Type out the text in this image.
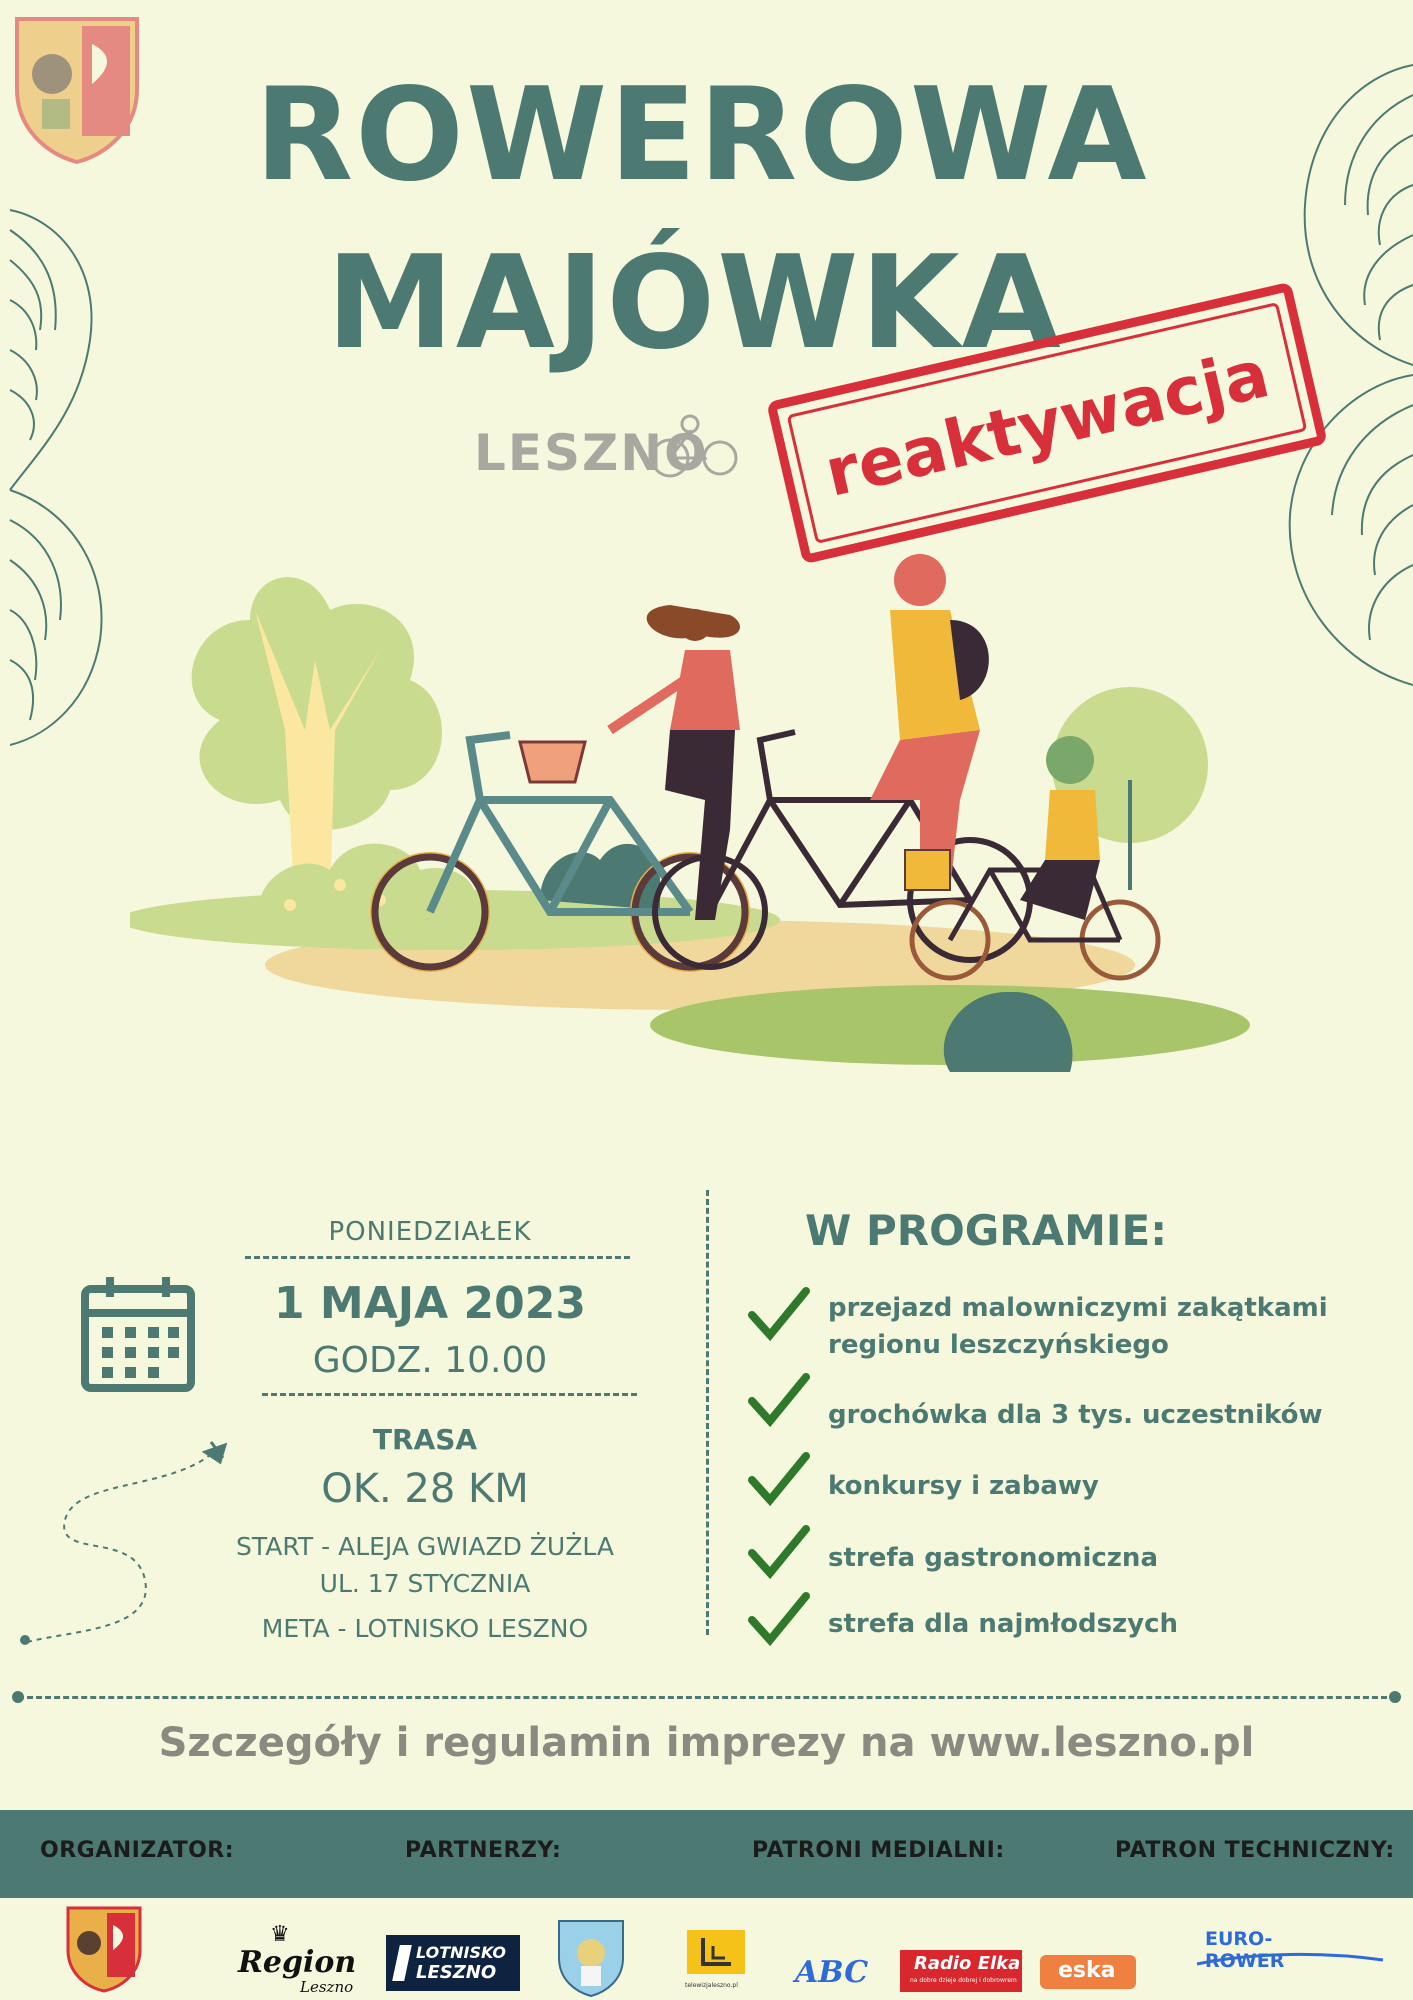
ROWEROWA
MAJÓWKA
LESZNO reaktywacja
PONIEDZIAŁEK
1 MAJA 2023
GODZ. 10.00
TRASA
OK. 28 KM
START - ALEJA GWIAZD ŻUŻLA
UL. 17 STYCZNIA
META - LOTNISKO LESZNO
W PROGRAMIE:
przejazd malowniczymi zakątkami
regionu leszczyńskiego
grochówka dla 3 tys. uczestników
konkursy i zabawy
strefa gastronomiczna
strefa dla najmłodszych
Szczegóły i regulamin imprezy na www.leszno.pl
ORGANIZATOR:	PARTNERZY:	PATRONI MEDIALNI:	PATRON TECHNICZNY:
Region
Leszno
♛
LOTNISKO
LESZNO
telewizjaleszno.pl	ABC	Radio Elka
na dobre dzieje dobrej i dobrowrem eska
EURO-ROWER
